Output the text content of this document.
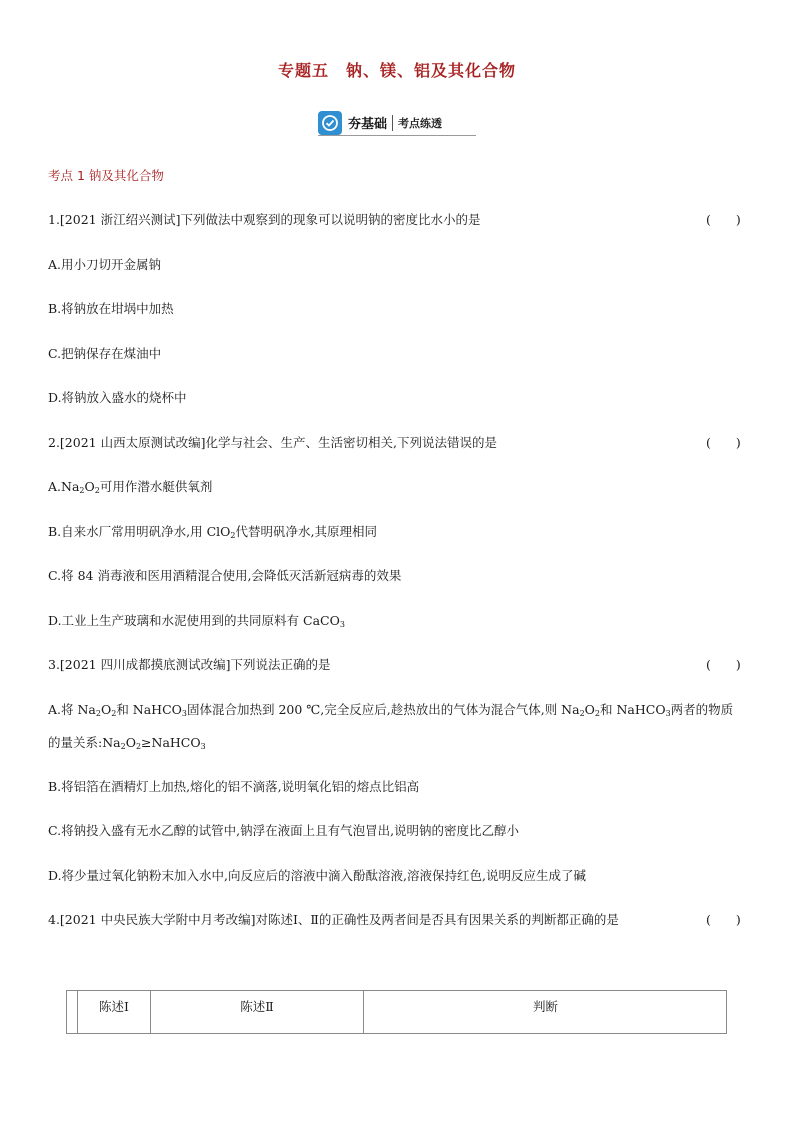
专题五　钠、镁、铝及其化合物
夯基础 考点练透
考点 1 钠及其化合物
1.[2021 浙江绍兴测试]下列做法中观察到的现象可以说明钠的密度比水小的是	(　　)
A.用小刀切开金属钠
B.将钠放在坩埚中加热
C.把钠保存在煤油中
D.将钠放入盛水的烧杯中
2.[2021 山西太原测试改编]化学与社会、生产、生活密切相关,下列说法错误的是	(　　)
$A.Na_2O_2$可用作潜水艇供氧剂
B.自来水厂常用明矾净水,用 ClO$_2$代替明矾净水,其原理相同
C.将 84 消毒液和医用酒精混合使用,会降低灭活新冠病毒的效果
D.工业上生产玻璃和水泥使用到的共同原料有 CaCO$_3$
3.[2021 四川成都摸底测试改编]下列说法正确的是	(　　)
A.将 $Na_2O_2$和 NaHCO$_3$固体混合加热到 200 ℃,完全反应后,趁热放出的气体为混合气体,则 $Na_2O_2$和 NaHCO$_3$两者的物质
的量关系$:Na_2O_2\ge NaHCO_3$
B.将铝箔在酒精灯上加热,熔化的铝不滴落,说明氧化铝的熔点比铝高
C.将钠投入盛有无水乙醇的试管中,钠浮在液面上且有气泡冒出,说明钠的密度比乙醇小
D.将少量过氧化钠粉末加入水中,向反应后的溶液中滴入酚酞溶液,溶液保持红色,说明反应生成了碱
4.[2021 中央民族大学附中月考改编]对陈述Ⅰ、Ⅱ的正确性及两者间是否具有因果关系的判断都正确的是	(　　)
陈述Ⅰ	陈述Ⅱ	判断
